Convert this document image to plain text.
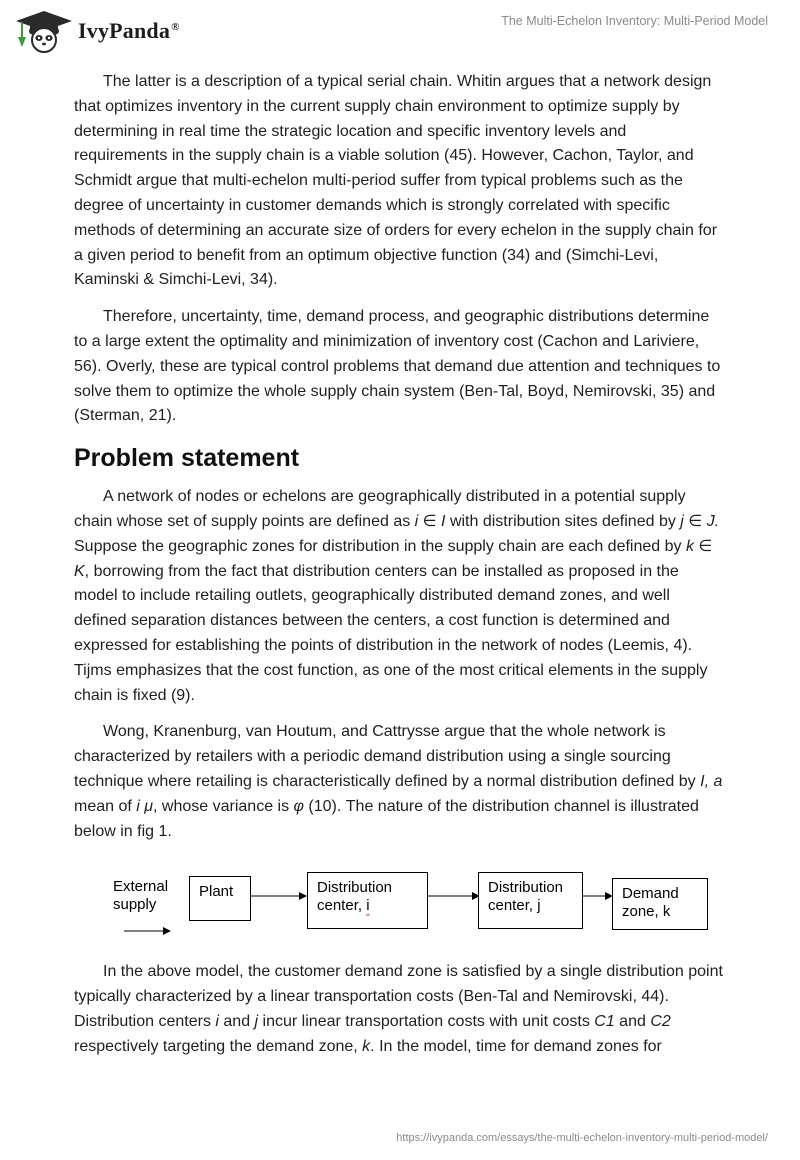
IvyPanda®	The Multi-Echelon Inventory: Multi-Period Model

The latter is a description of a typical serial chain. Whitin argues that a network design that optimizes inventory in the current supply chain environment to optimize supply by determining in real time the strategic location and specific inventory levels and requirements in the supply chain is a viable solution (45). However, Cachon, Taylor, and Schmidt argue that multi-echelon multi-period suffer from typical problems such as the degree of uncertainty in customer demands which is strongly correlated with specific methods of determining an accurate size of orders for every echelon in the supply chain for a given period to benefit from an optimum objective function (34) and (Simchi-Levi, Kaminski & Simchi-Levi, 34).

Therefore, uncertainty, time, demand process, and geographic distributions determine to a large extent the optimality and minimization of inventory cost (Cachon and Lariviere, 56). Overly, these are typical control problems that demand due attention and techniques to solve them to optimize the whole supply chain system (Ben-Tal, Boyd, Nemirovski, 35) and (Sterman, 21).

Problem statement

A network of nodes or echelons are geographically distributed in a potential supply chain whose set of supply points are defined as i ∈ I with distribution sites defined by j ∈ J. Suppose the geographic zones for distribution in the supply chain are each defined by k ∈ K, borrowing from the fact that distribution centers can be installed as proposed in the model to include retailing outlets, geographically distributed demand zones, and well defined separation distances between the centers, a cost function is determined and expressed for establishing the points of distribution in the network of nodes (Leemis, 4). Tijms emphasizes that the cost function, as one of the most critical elements in the supply chain is fixed (9).

Wong, Kranenburg, van Houtum, and Cattrysse argue that the whole network is characterized by retailers with a periodic demand distribution using a single sourcing technique where retailing is characteristically defined by a normal distribution defined by I, a mean of i μ, whose variance is φ (10). The nature of the distribution channel is illustrated below in fig 1.

External
supply
Plant	Distribution
center, i
Distribution
center, j
Demand
zone, k

In the above model, the customer demand zone is satisfied by a single distribution point typically characterized by a linear transportation costs (Ben-Tal and Nemirovski, 44). Distribution centers i and j incur linear transportation costs with unit costs C1 and C2 respectively targeting the demand zone, k. In the model, time for demand zones for

https://ivypanda.com/essays/the-multi-echelon-inventory-multi-period-model/
